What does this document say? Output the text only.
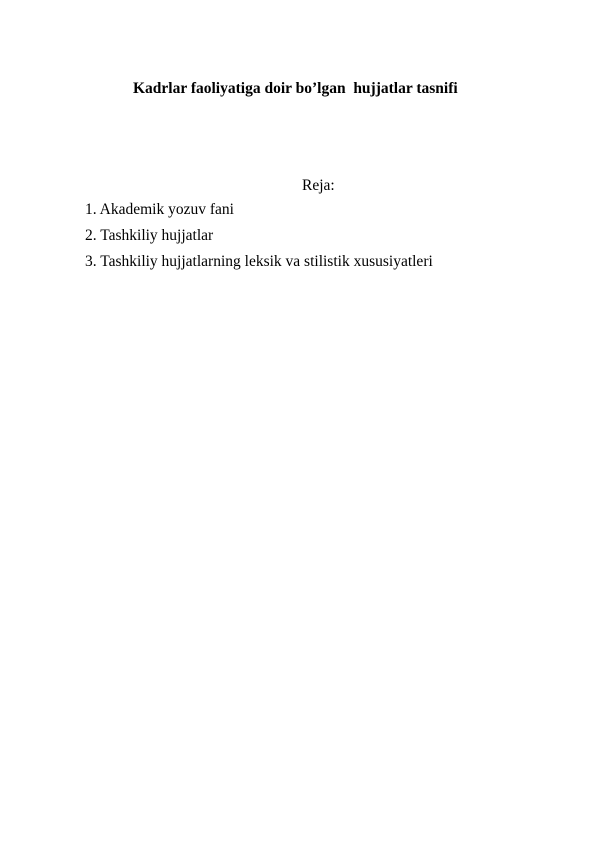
Kadrlar faoliyatiga doir bo’lgan  hujjatlar tasnifi

Reja:

1. Akademik yozuv fani
2. Tashkiliy hujjatlar
3. Tashkiliy hujjatlarning leksik va stilistik xususiyatleri
